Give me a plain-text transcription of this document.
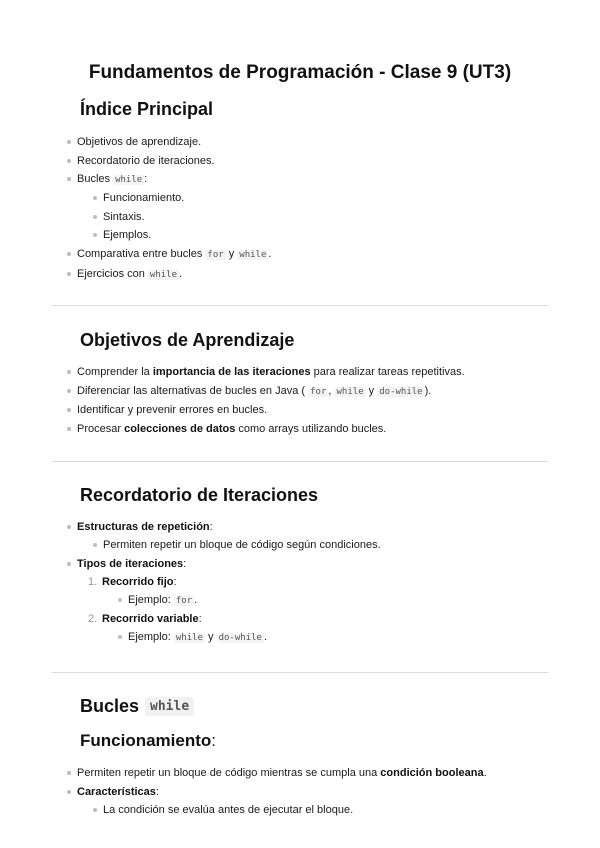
Fundamentos de Programación - Clase 9 (UT3)
Índice Principal
Objetivos de aprendizaje.
Recordatorio de iteraciones.
Bucles while :
Funcionamiento.
Sintaxis.
Ejemplos.
Comparativa entre bucles for y while .
Ejercicios con while .
Objetivos de Aprendizaje
Comprender la importancia de las iteraciones para realizar tareas repetitivas.
Diferenciar las alternativas de bucles en Java ( for , while y do-while ).
Identificar y prevenir errores en bucles.
Procesar colecciones de datos como arrays utilizando bucles.
Recordatorio de Iteraciones
Estructuras de repetición:
Permiten repetir un bloque de código según condiciones.
Tipos de iteraciones:
1. Recorrido fijo:
Ejemplo: for .
2. Recorrido variable:
Ejemplo: while y do-while .
Bucles while
Funcionamiento:
Permiten repetir un bloque de código mientras se cumpla una condición booleana.
Características:
La condición se evalúa antes de ejecutar el bloque.
